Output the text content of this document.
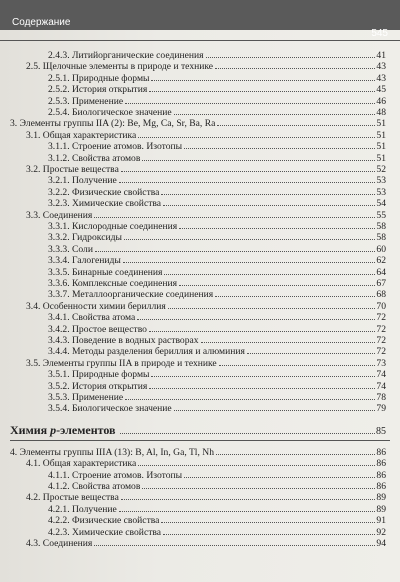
Содержание
545
2.4.3. Литийорганические соединения	41
2.5. Щелочные элементы в природе и технике	43
2.5.1. Природные формы	43
2.5.2. История открытия	45
2.5.3. Применение	46
2.5.4. Биологическое значение	48
3. Элементы группы IIA (2): Be, Mg, Ca, Sr, Ba, Ra	51
3.1. Общая характеристика	51
3.1.1. Строение атомов. Изотопы	51
3.1.2. Свойства атомов	51
3.2. Простые вещества	52
3.2.1. Получение	53
3.2.2. Физические свойства	53
3.2.3. Химические свойства	54
3.3. Соединения	55
3.3.1. Кислородные соединения	58
3.3.2. Гидроксиды	58
3.3.3. Соли	60
3.3.4. Галогениды	62
3.3.5. Бинарные соединения	64
3.3.6. Комплексные соединения	67
3.3.7. Металлоорганические соединения	68
3.4. Особенности химии бериллия	70
3.4.1. Свойства атома	72
3.4.2. Простое вещество	72
3.4.3. Поведение в водных растворах	72
3.4.4. Методы разделения бериллия и алюминия	72
3.5. Элементы группы IIA в природе и технике	73
3.5.1. Природные формы	74
3.5.2. История открытия	74
3.5.3. Применение	78
3.5.4. Биологическое значение	79
Химия p-элементов	85
4. Элементы группы IIIA (13): B, Al, In, Ga, Tl, Nh	86
4.1. Общая характеристика	86
4.1.1. Строение атомов. Изотопы	86
4.1.2. Свойства атомов	86
4.2. Простые вещества	89
4.2.1. Получение	89
4.2.2. Физические свойства	91
4.2.3. Химические свойства	92
4.3. Соединения	94
